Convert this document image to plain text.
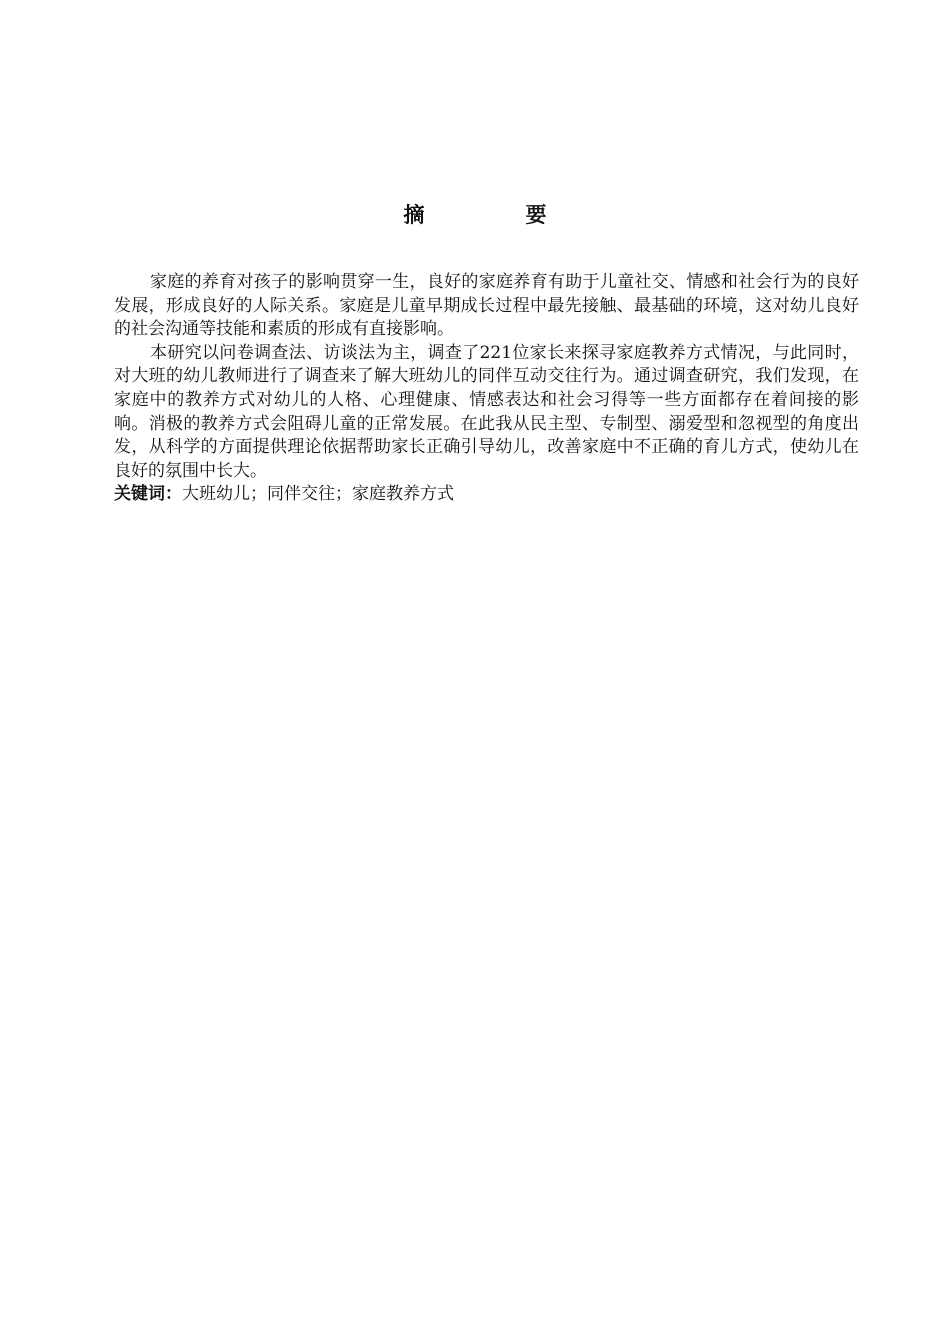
摘　要

家庭的养育对孩子的影响贯穿一生，良好的家庭养育有助于儿童社交、情感和社会行为的良好发展，形成良好的人际关系。家庭是儿童早期成长过程中最先接触、最基础的环境，这对幼儿良好的社会沟通等技能和素质的形成有直接影响。

本研究以问卷调查法、访谈法为主，调查了221位家长来探寻家庭教养方式情况，与此同时，对大班的幼儿教师进行了调查来了解大班幼儿的同伴互动交往行为。通过调查研究，我们发现，在家庭中的教养方式对幼儿的人格、心理健康、情感表达和社会习得等一些方面都存在着间接的影响。消极的教养方式会阻碍儿童的正常发展。在此我从民主型、专制型、溺爱型和忽视型的角度出发，从科学的方面提供理论依据帮助家长正确引导幼儿，改善家庭中不正确的育儿方式，使幼儿在良好的氛围中长大。

关键词：大班幼儿；同伴交往；家庭教养方式
